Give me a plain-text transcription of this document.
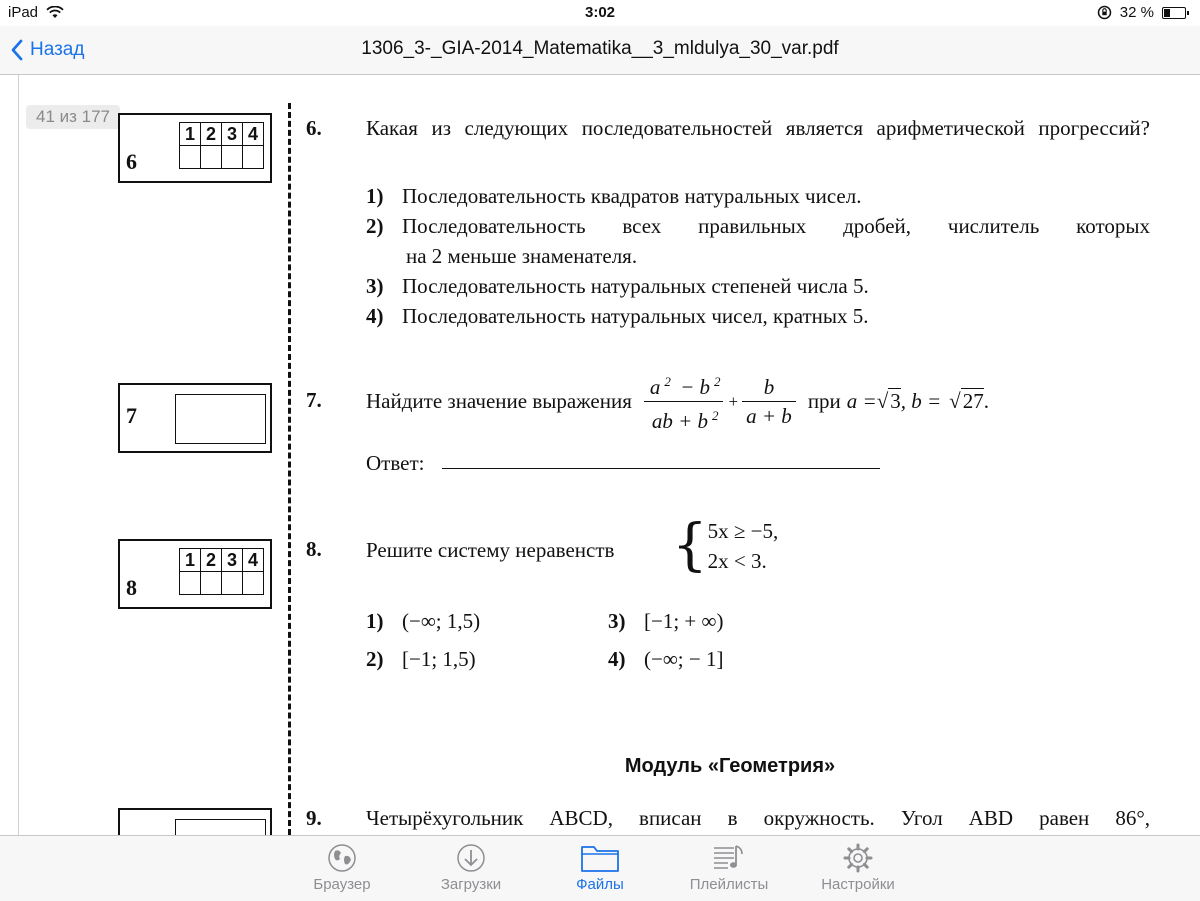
iPad	3:02	32 %
Назад	1306_3-_GIA-2014_Matematika__3_mldulya_30_var.pdf
41 из 177
6
1	2	3	4
			6. Какая из следующих последовательностей является арифметической прогрессий?
1) Последовательность квадратов натуральных чисел.
2) Последовательность всех правильных дробей, числитель которых
на 2 меньше знаменателя.
3) Последовательность натуральных степеней числа 5.
4) Последовательность натуральных чисел, кратных 5.
7
7. Найдите значение выражения $\frac{a ^2 - b ^2}{ab + b ^2} + \frac{b}{a + b}$ при a = √3 , b = √27 .
Ответ:
8
1	2	3	4
			8. Решите систему неравенств	{ 5x ≥ −5,
2x < 3.
1) (−∞; 1,5)
2) [−1; 1,5)
3) [−1; + ∞)
4) (−∞; − 1]
Модуль «Геометрия»
9. Четырёхугольник ABCD, вписан в окружность. Угол ABD равен 86°,
Браузер	Загрузки	Файлы	Плейлисты	Настройки
